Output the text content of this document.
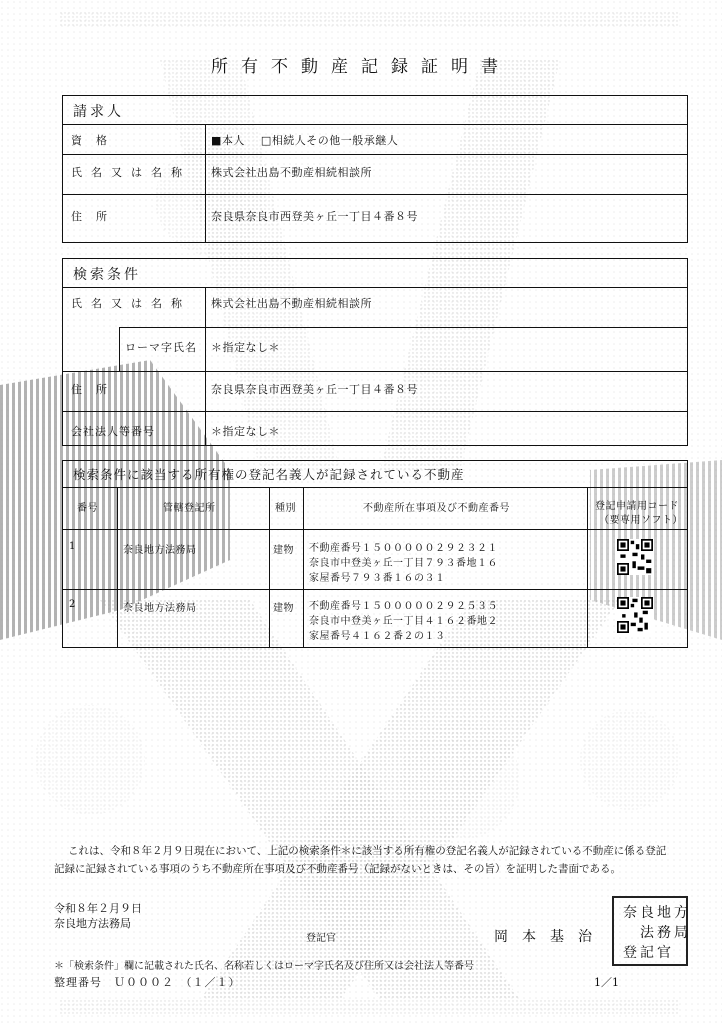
所有不動産記録証明書
請求人
資格	■本人 □相続人その他一般承継人
氏名又は名称 株式会社出島不動産相続相談所
住所	奈良県奈良市西登美ヶ丘一丁目４番８号
検索条件
氏名又は名称 株式会社出島不動産相続相談所
ローマ字氏名 ＊指定なし＊
住所	奈良県奈良市西登美ヶ丘一丁目４番８号
会社法人等番号	＊指定なし＊
検索条件に該当する所有権の登記名義人が記録されている不動産
番号	管轄登記所	種別	不動産所在事項及び不動産番号	登記申請用コード
（要専用ソフト）
1	奈良地方法務局	建物 不動産番号１５０００００２９２３２１
奈良市中登美ヶ丘一丁目７９３番地１６
家屋番号７９３番１６の３１
2	奈良地方法務局	建物 不動産番号１５０００００２９２５３５
奈良市中登美ヶ丘一丁目４１６２番地２
家屋番号４１６２番２の１３
これは、令和８年２月９日現在において、上記の検索条件＊に該当する所有権の登記名義人が記録されている不動産に係る登記
記録に記録されている事項のうち不動産所在事項及び不動産番号（記録がないときは、その旨）を証明した書面である。
令和８年２月９日
奈良地方法務局
登記官	岡　本　基　治
方
地
良
奈
局
務
法
官
記
登
＊「検索条件」欄に記載された氏名、名称若しくはローマ字氏名及び住所又は会社法人等番号
整理番号　Ｕ０００２　（１／１）	1／1
